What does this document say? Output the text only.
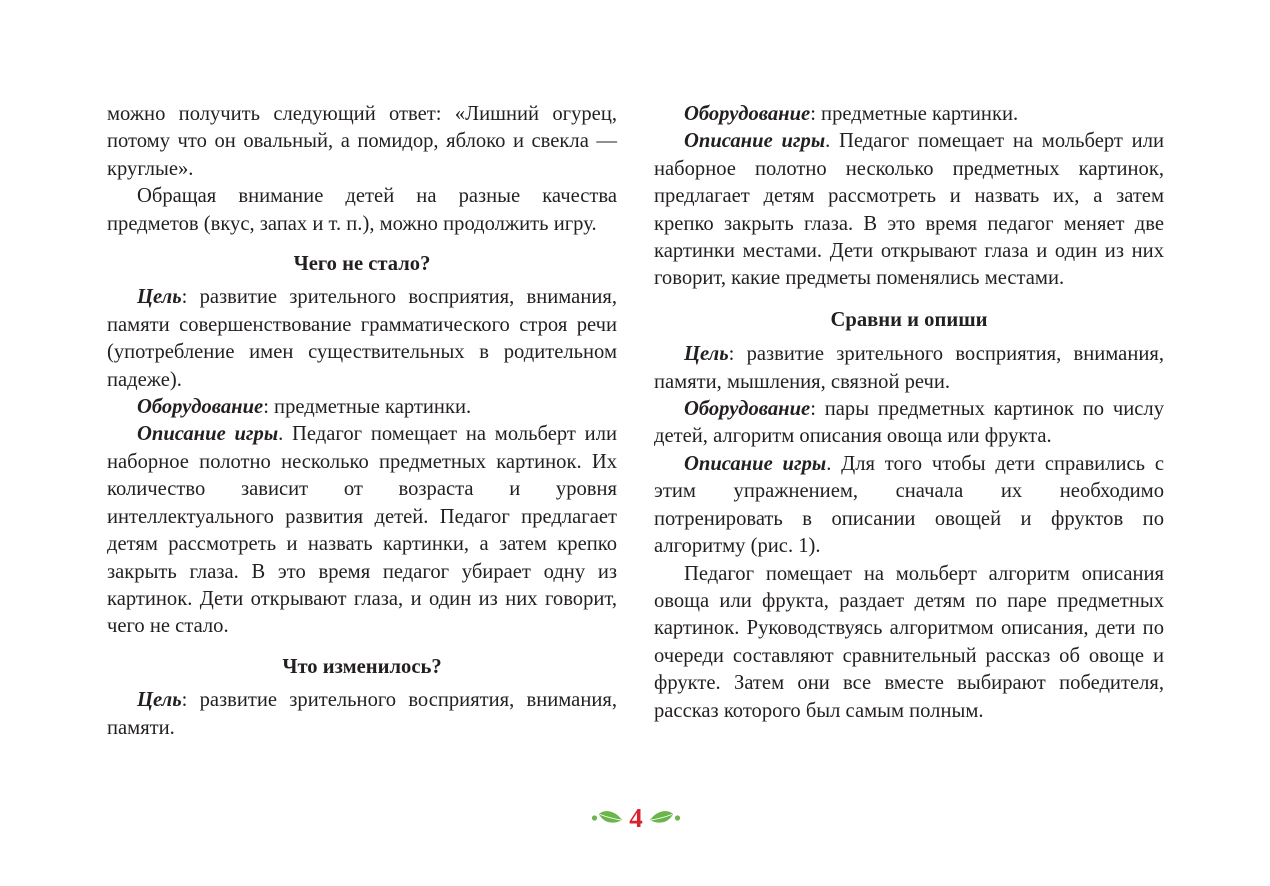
можно получить следующий ответ: «Лишний огурец, потому что он овальный, а помидор, яблоко и свекла — круглые».

Обращая внимание детей на разные качества предметов (вкус, запах и т. п.), можно продолжить игру.

Чего не стало?

Цель: развитие зрительного восприятия, внимания, памяти совершенствование грамматического строя речи (употребление имен существительных в родительном падеже).

Оборудование: предметные картинки.

Описание игры. Педагог помещает на мольберт или наборное полотно несколько предметных картинок. Их количество зависит от возраста и уровня интеллектуального развития детей. Педагог предлагает детям рассмотреть и назвать картинки, а затем крепко закрыть глаза. В это время педагог убирает одну из картинок. Дети открывают глаза, и один из них говорит, чего не стало.

Что изменилось?

Цель: развитие зрительного восприятия, внимания, памяти.

Оборудование: предметные картинки.

Описание игры. Педагог помещает на мольберт или наборное полотно несколько предметных картинок, предлагает детям рассмотреть и назвать их, а затем крепко закрыть глаза. В это время педагог меняет две картинки местами. Дети открывают глаза и один из них говорит, какие предметы поменялись местами.

Сравни и опиши

Цель: развитие зрительного восприятия, внимания, памяти, мышления, связной речи.

Оборудование: пары предметных картинок по числу детей, алгоритм описания овоща или фрукта.

Описание игры. Для того чтобы дети справились с этим упражнением, сначала их необходимо потренировать в описании овощей и фруктов по алгоритму (рис. 1).

Педагог помещает на мольберт алгоритм описания овоща или фрукта, раздает детям по паре предметных картинок. Руководствуясь алгоритмом описания, дети по очереди составляют сравнительный рассказ об овоще и фрукте. Затем они все вместе выбирают победителя, рассказ которого был самым полным.

4
